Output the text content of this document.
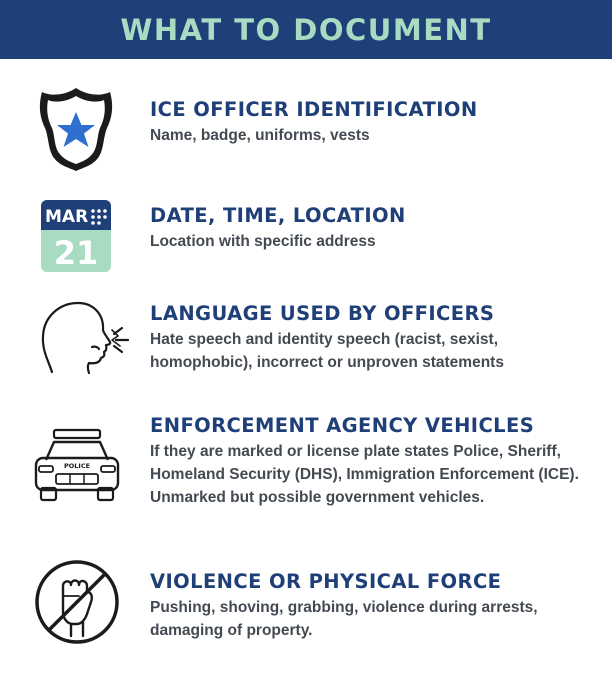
WHAT TO DOCUMENT
ICE OFFICER IDENTIFICATION
Name, badge, uniforms, vests
MAR
21
DATE, TIME, LOCATION
Location with specific address
LANGUAGE USED BY OFFICERS
Hate speech and identity speech (racist, sexist, homophobic), incorrect or unproven statements
POLICE
ENFORCEMENT AGENCY VEHICLES
If they are marked or license plate states Police, Sheriff, Homeland Security (DHS), Immigration Enforcement (ICE). Unmarked but possible government vehicles.
VIOLENCE OR PHYSICAL FORCE
Pushing, shoving, grabbing, violence during arrests, damaging of property.
